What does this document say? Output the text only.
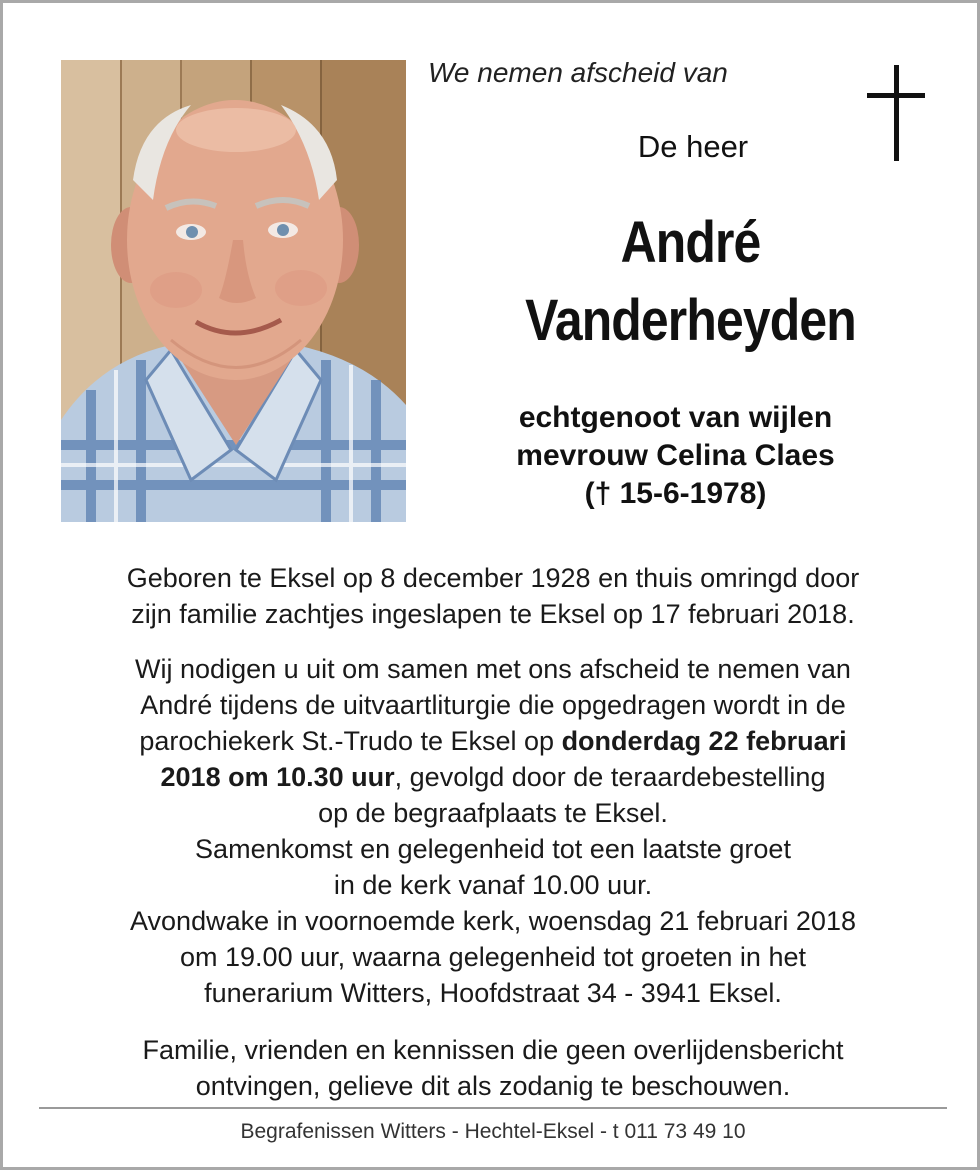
We nemen afscheid van
De heer
André
Vanderheyden
echtgenoot van wijlen
mevrouw Celina Claes
(† 15-6-1978)
Geboren te Eksel op 8 december 1928 en thuis omringd door
zijn familie zachtjes ingeslapen te Eksel op 17 februari 2018.
Wij nodigen u uit om samen met ons afscheid te nemen van
André tijdens de uitvaartliturgie die opgedragen wordt in de
parochiekerk St.-Trudo te Eksel op donderdag 22 februari
2018 om 10.30 uur, gevolgd door de teraardebestelling
op de begraafplaats te Eksel.
Samenkomst en gelegenheid tot een laatste groet
in de kerk vanaf 10.00 uur.
Avondwake in voornoemde kerk, woensdag 21 februari 2018
om 19.00 uur, waarna gelegenheid tot groeten in het
funerarium Witters, Hoofdstraat 34 - 3941 Eksel.
Familie, vrienden en kennissen die geen overlijdensbericht
ontvingen, gelieve dit als zodanig te beschouwen.
Begrafenissen Witters - Hechtel-Eksel - t 011 73 49 10
